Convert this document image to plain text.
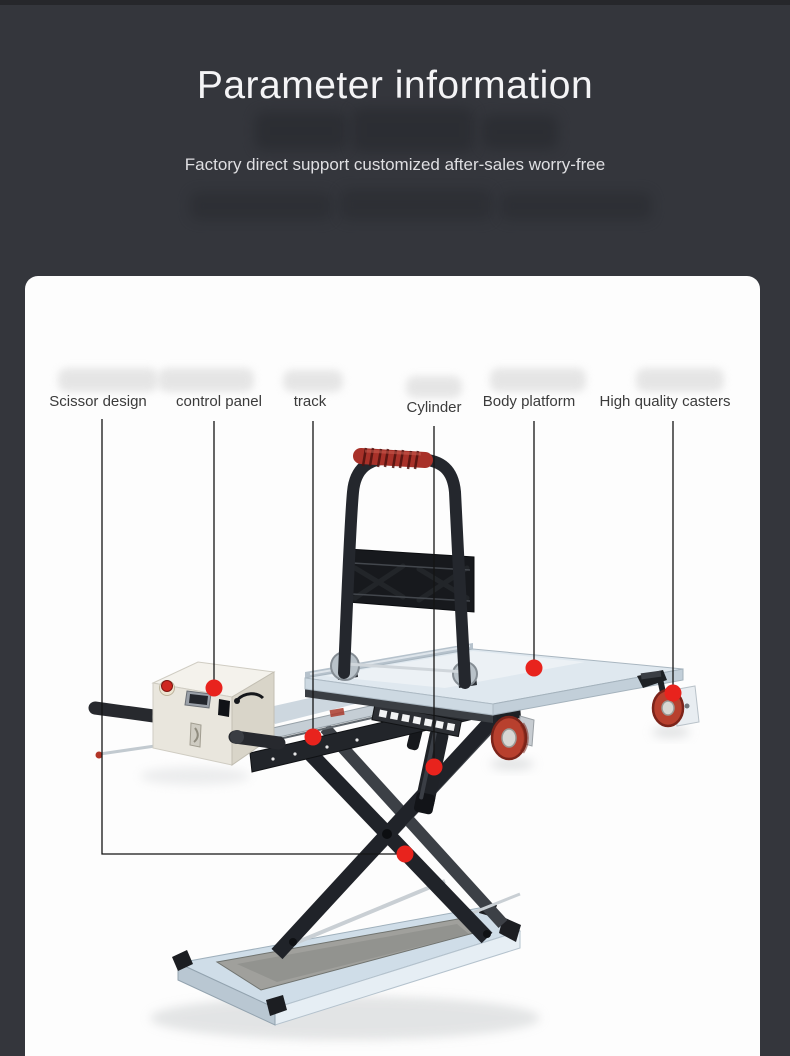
Parameter information

Factory direct support customized after-sales worry-free

Scissor design control panel track	Cylinder Body platform High quality casters
